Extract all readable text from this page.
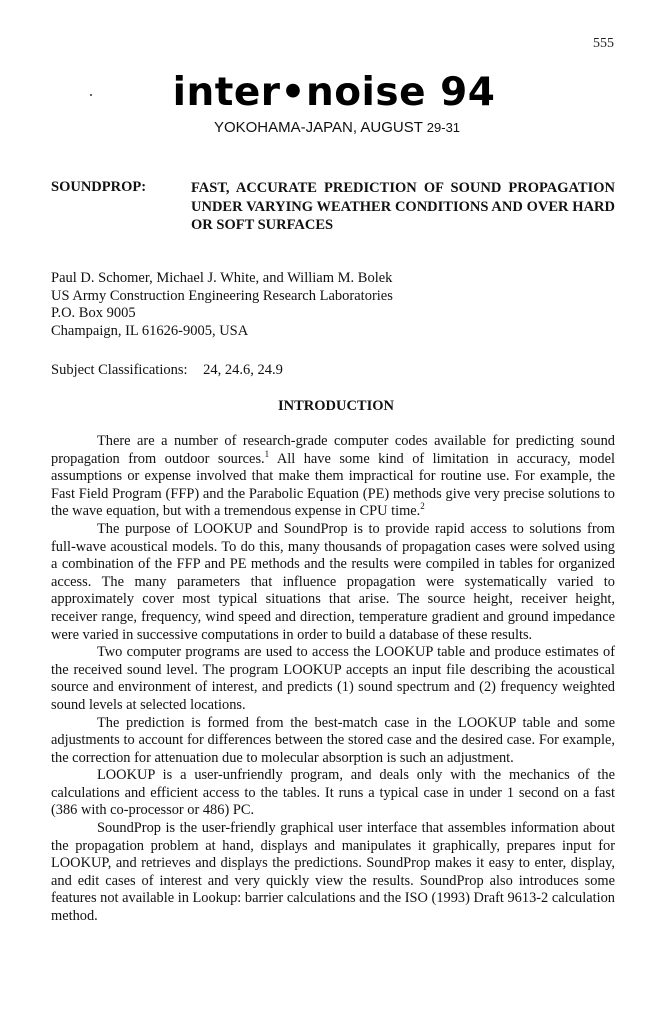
555
inter•noise 94
YOKOHAMA-JAPAN, AUGUST 29-31
SOUNDPROP:	FAST, ACCURATE PREDICTION OF SOUND PROPAGATION UNDER VARYING WEATHER CONDITIONS AND OVER HARD OR SOFT SURFACES
Paul D. Schomer, Michael J. White, and William M. Bolek
US Army Construction Engineering Research Laboratories
P.O. Box 9005
Champaign, IL 61626-9005, USA
Subject Classifications: 24, 24.6, 24.9
INTRODUCTION

There are a number of research-grade computer codes available for predicting sound propagation from outdoor sources.$^1$ All have some kind of limitation in accuracy, model assumptions or expense involved that make them impractical for routine use. For example, the Fast Field Program (FFP) and the Parabolic Equation (PE) methods give very precise solutions to the wave equation, but with a tremendous expense in CPU time.$^2$

The purpose of LOOKUP and SoundProp is to provide rapid access to solutions from full-wave acoustical models. To do this, many thousands of propagation cases were solved using a combination of the FFP and PE methods and the results were compiled in tables for organized access. The many parameters that influence propagation were systematically varied to approximately cover most typical situations that arise. The source height, receiver height, receiver range, frequency, wind speed and direction, temperature gradient and ground impedance were varied in successive computations in order to build a database of these results.

Two computer programs are used to access the LOOKUP table and produce estimates of the received sound level. The program LOOKUP accepts an input file describing the acoustical source and environment of interest, and predicts (1) sound spectrum and (2) frequency weighted sound levels at selected locations.

The prediction is formed from the best-match case in the LOOKUP table and some adjustments to account for differences between the stored case and the desired case. For example, the correction for attenuation due to molecular absorption is such an adjustment.

LOOKUP is a user-unfriendly program, and deals only with the mechanics of the calculations and efficient access to the tables. It runs a typical case in under 1 second on a fast (386 with co-processor or 486) PC.

SoundProp is the user-friendly graphical user interface that assembles information about the propagation problem at hand, displays and manipulates it graphically, prepares input for LOOKUP, and retrieves and displays the predictions. SoundProp makes it easy to enter, display, and edit cases of interest and very quickly view the results. SoundProp also introduces some features not available in Lookup: barrier calculations and the ISO (1993) Draft 9613-2 calculation method.
